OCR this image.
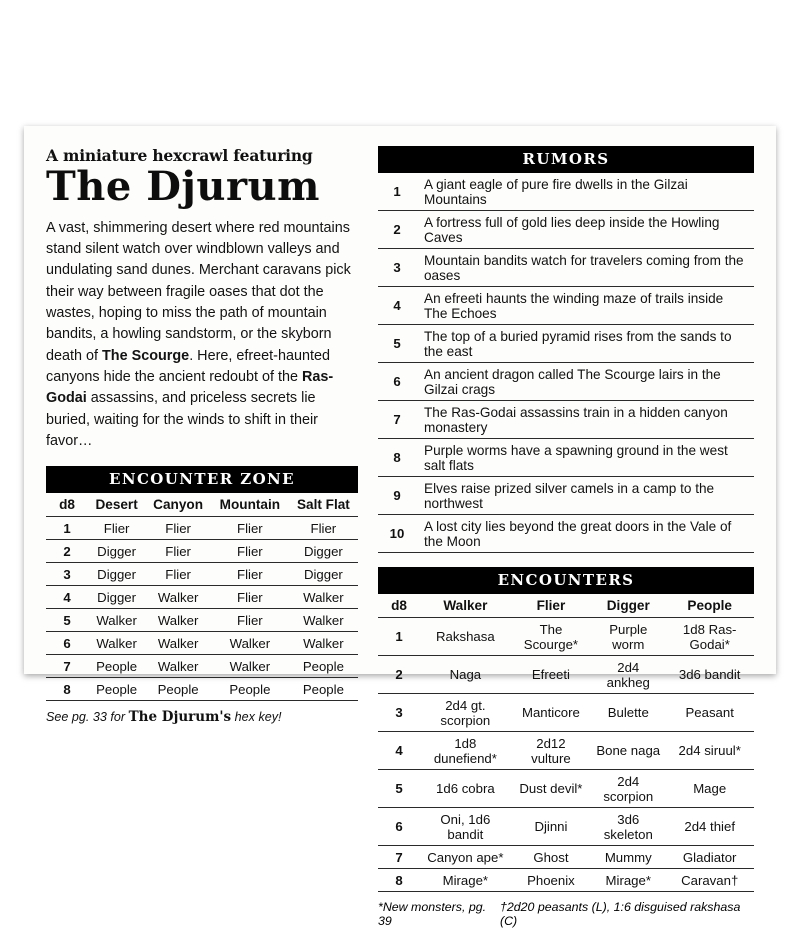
A miniature hexcrawl featuring
The Djurum

A vast, shimmering desert where red mountains stand silent watch over windblown valleys and undulating sand dunes. Merchant caravans pick their way between fragile oases that dot the wastes, hoping to miss the path of mountain bandits, a howling sandstorm, or the skyborn death of The Scourge. Here, efreet-haunted canyons hide the ancient redoubt of the Ras-Godai assassins, and priceless secrets lie buried, waiting for the winds to shift in their favor…

ENCOUNTER ZONE
d8	Desert	Canyon	Mountain	Salt Flat
1	Flier	Flier	Flier	Flier
2	Digger	Flier	Flier	Digger
3	Digger	Flier	Flier	Digger
4	Digger	Walker	Flier	Walker
5	Walker	Walker	Flier	Walker
6	Walker	Walker	Walker	Walker
7	People	Walker	Walker	People
8	People	People	People	People
See pg. 33 for The Djurum's hex key!
RUMORS
1	A giant eagle of pure fire dwells in the Gilzai Mountains
2	A fortress full of gold lies deep inside the Howling Caves
3	Mountain bandits watch for travelers coming from the oases
4	An efreeti haunts the winding maze of trails inside The Echoes
5	The top of a buried pyramid rises from the sands to the east
6	An ancient dragon called The Scourge lairs in the Gilzai crags
7	The Ras-Godai assassins train in a hidden canyon monastery
8	Purple worms have a spawning ground in the west salt flats
9	Elves raise prized silver camels in a camp to the northwest
10	A lost city lies beyond the great doors in the Vale of the Moon
ENCOUNTERS
d8	Walker	Flier	Digger	People
1	Rakshasa	The Scourge*	Purple worm	1d8 Ras-Godai*
2	Naga	Efreeti	2d4 ankheg	3d6 bandit
3	2d4 gt. scorpion	Manticore	Bulette	Peasant
4	1d8 dunefiend*	2d12 vulture	Bone naga	2d4 siruul*
5	1d6 cobra	Dust devil*	2d4 scorpion	Mage
6	Oni, 1d6 bandit	Djinni	3d6 skeleton	2d4 thief
7	Canyon ape*	Ghost	Mummy	Gladiator
8	Mirage*	Phoenix	Mirage*	Caravan†
*New monsters, pg. 39
†2d20 peasants (L), 1:6 disguised rakshasa (C)
